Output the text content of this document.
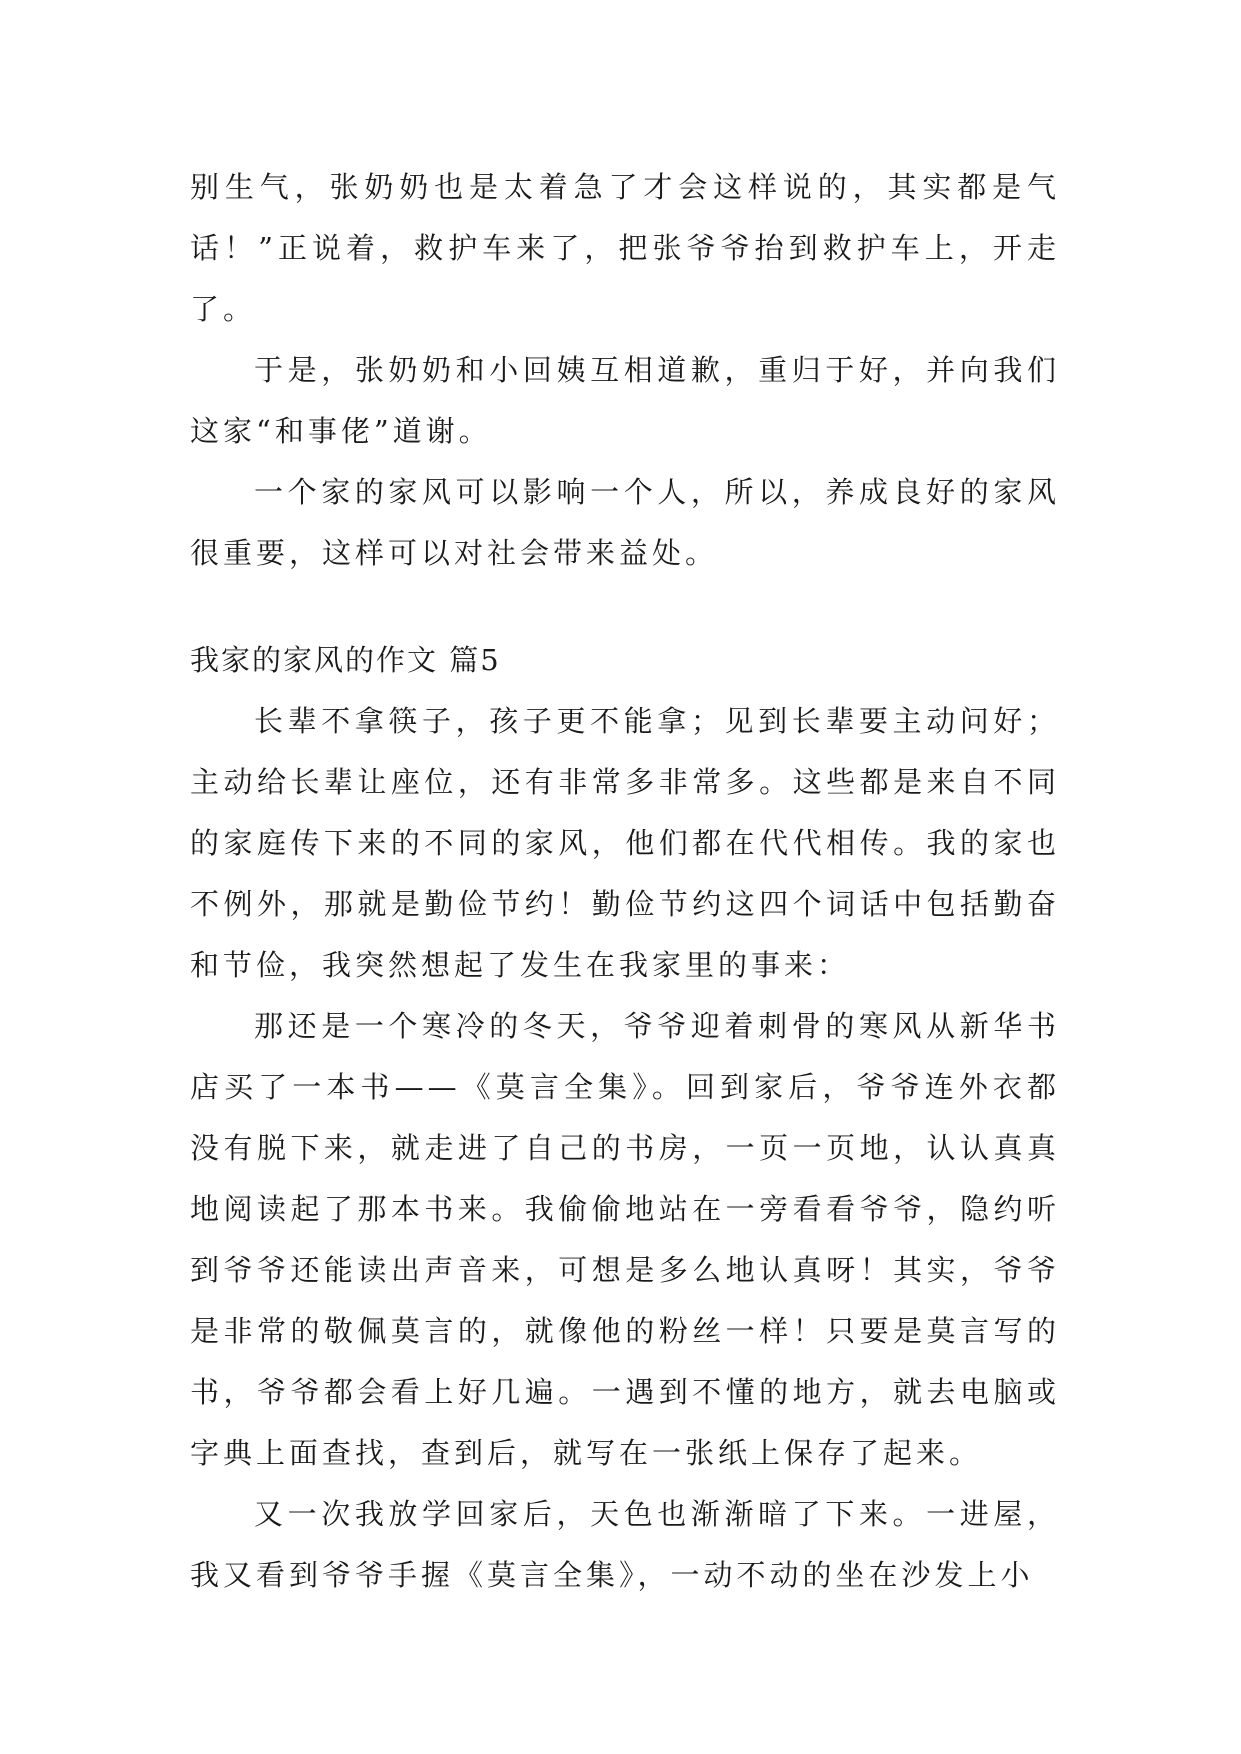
别生气，张奶奶也是太着急了才会这样说的，其实都是气话！”正说着，救护车来了，把张爷爷抬到救护车上，开走了。

于是，张奶奶和小回姨互相道歉，重归于好，并向我们这家“和事佬”道谢。

一个家的家风可以影响一个人，所以，养成良好的家风很重要，这样可以对社会带来益处。

我家的家风的作文 篇5

长辈不拿筷子，孩子更不能拿；见到长辈要主动问好；主动给长辈让座位，还有非常多非常多。这些都是来自不同的家庭传下来的不同的家风，他们都在代代相传。我的家也不例外，那就是勤俭节约！勤俭节约这四个词话中包括勤奋和节俭，我突然想起了发生在我家里的事来：

那还是一个寒冷的冬天，爷爷迎着刺骨的寒风从新华书店买了一本书——《莫言全集》。回到家后，爷爷连外衣都没有脱下来，就走进了自己的书房，一页一页地，认认真真地阅读起了那本书来。我偷偷地站在一旁看看爷爷，隐约听到爷爷还能读出声音来，可想是多么地认真呀！其实，爷爷是非常的敬佩莫言的，就像他的粉丝一样！只要是莫言写的书，爷爷都会看上好几遍。一遇到不懂的地方，就去电脑或字典上面查找，查到后，就写在一张纸上保存了起来。

又一次我放学回家后，天色也渐渐暗了下来。一进屋，我又看到爷爷手握《莫言全集》，一动不动的坐在沙发上小
